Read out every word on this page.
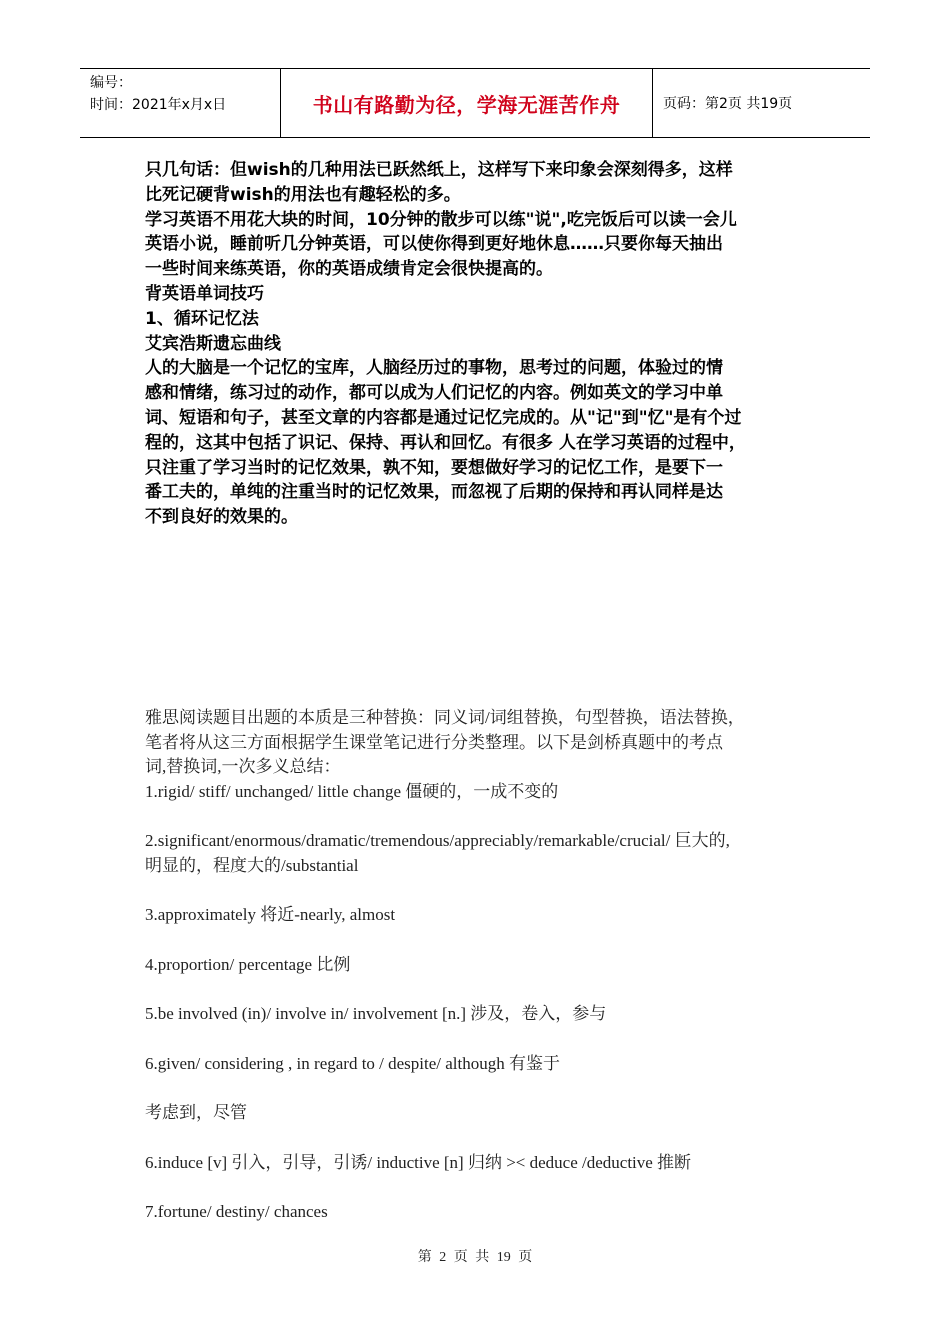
编号：
时间：2021年x月x日	书山有路勤为径，学海无涯苦作舟	页码：第2页 共19页

只几句话：但wish的几种用法已跃然纸上，这样写下来印象会深刻得多，这样

比死记硬背wish的用法也有趣轻松的多。

学习英语不用花大块的时间，10分钟的散步可以练"说",吃完饭后可以读一会儿

英语小说，睡前听几分钟英语，可以使你得到更好地休息……只要你每天抽出

一些时间来练英语，你的英语成绩肯定会很快提高的。

背英语单词技巧

1、循环记忆法

艾宾浩斯遗忘曲线

人的大脑是一个记忆的宝库，人脑经历过的事物，思考过的问题，体验过的情

感和情绪，练习过的动作，都可以成为人们记忆的内容。例如英文的学习中单

词、短语和句子，甚至文章的内容都是通过记忆完成的。从"记"到"忆"是有个过

程的，这其中包括了识记、保持、再认和回忆。有很多 人在学习英语的过程中，

只注重了学习当时的记忆效果，孰不知，要想做好学习的记忆工作，是要下一

番工夫的，单纯的注重当时的记忆效果，而忽视了后期的保持和再认同样是达

不到良好的效果的。

雅思阅读题目出题的本质是三种替换：同义词/词组替换，句型替换，语法替换，
笔者将从这三方面根据学生课堂笔记进行分类整理。以下是剑桥真题中的考点
词,替换词,一次多义总结：
1.rigid/ stiff/ unchanged/ little change 僵硬的，一成不变的
2.significant/enormous/dramatic/tremendous/appreciably/remarkable/crucial/ 巨大的,
明显的，程度大的/substantial
3.approximately 将近-nearly, almost
4.proportion/ percentage 比例
5.be involved (in)/ involve in/ involvement [n.] 涉及，卷入，参与
6.given/ considering , in regard to / despite/ although 有鉴于
考虑到，尽管
6.induce [v] 引入，引导，引诱/ inductive [n] 归纳 >< deduce /deductive 推断
7.fortune/ destiny/ chances
第 2 页 共 19 页
